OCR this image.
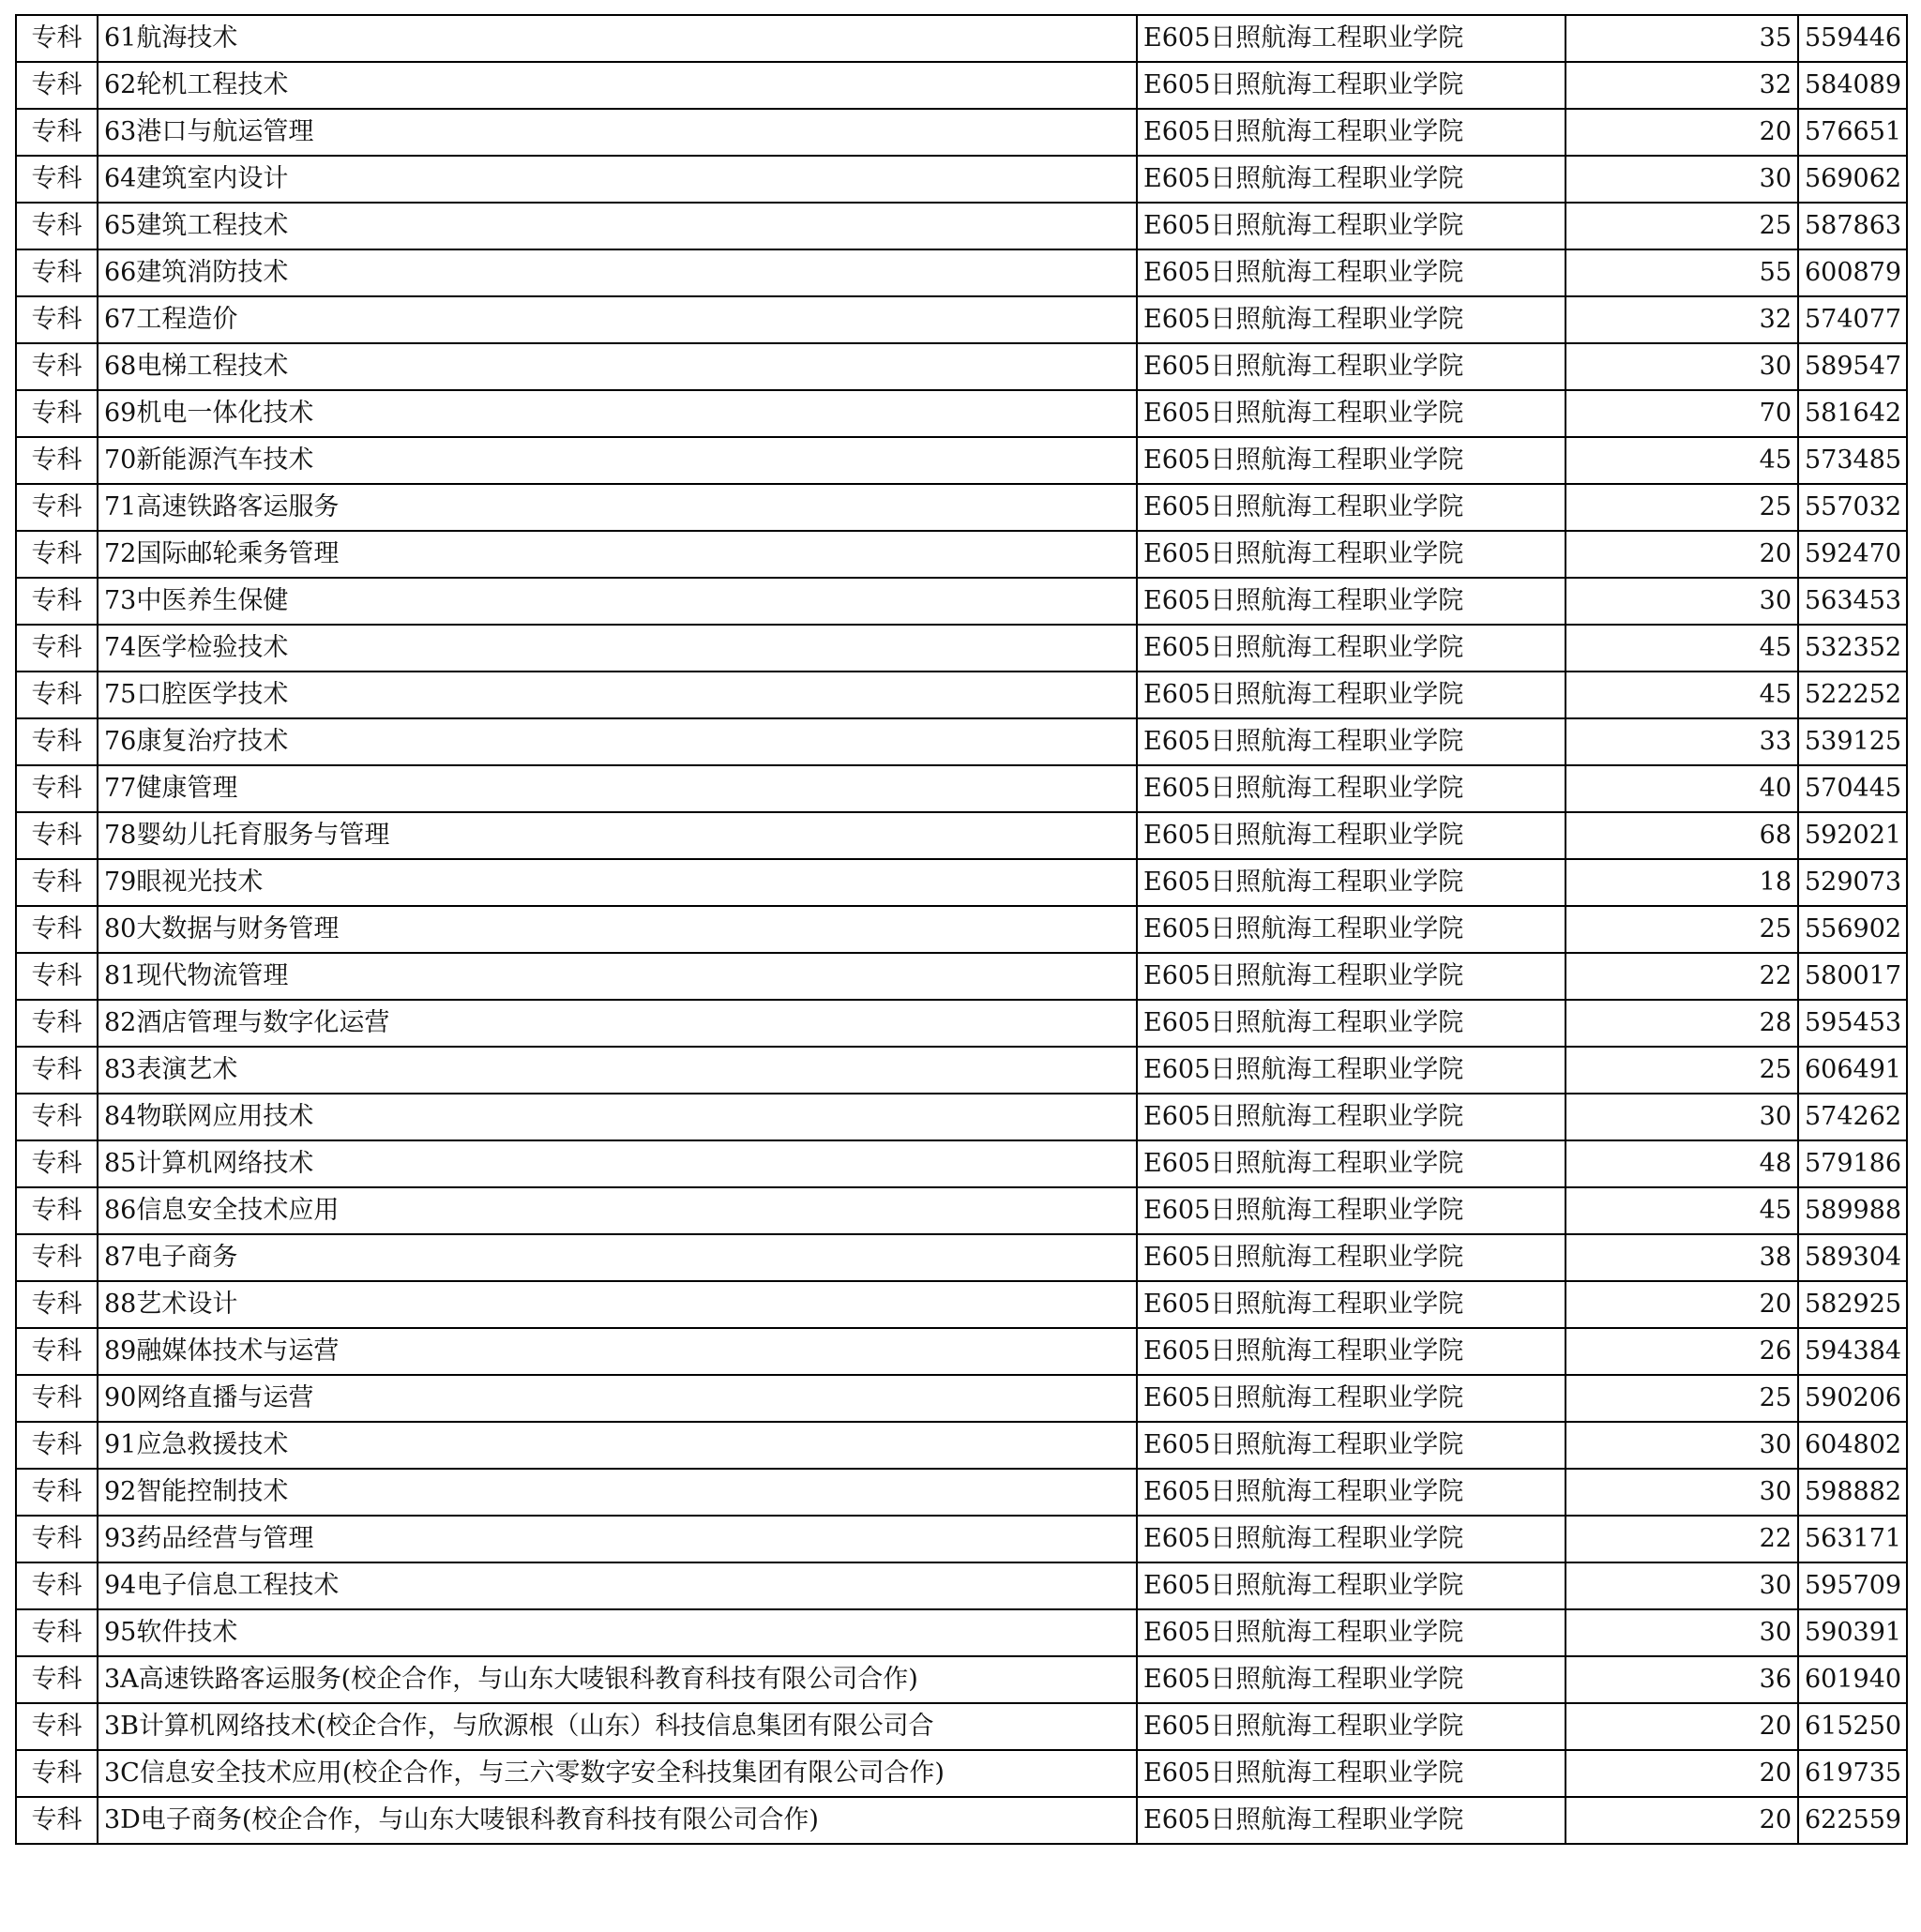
专科	61航海技术	E605日照航海工程职业学院	35	559446
专科	62轮机工程技术	E605日照航海工程职业学院	32	584089
专科	63港口与航运管理	E605日照航海工程职业学院	20	576651
专科	64建筑室内设计	E605日照航海工程职业学院	30	569062
专科	65建筑工程技术	E605日照航海工程职业学院	25	587863
专科	66建筑消防技术	E605日照航海工程职业学院	55	600879
专科	67工程造价	E605日照航海工程职业学院	32	574077
专科	68电梯工程技术	E605日照航海工程职业学院	30	589547
专科	69机电一体化技术	E605日照航海工程职业学院	70	581642
专科	70新能源汽车技术	E605日照航海工程职业学院	45	573485
专科	71高速铁路客运服务	E605日照航海工程职业学院	25	557032
专科	72国际邮轮乘务管理	E605日照航海工程职业学院	20	592470
专科	73中医养生保健	E605日照航海工程职业学院	30	563453
专科	74医学检验技术	E605日照航海工程职业学院	45	532352
专科	75口腔医学技术	E605日照航海工程职业学院	45	522252
专科	76康复治疗技术	E605日照航海工程职业学院	33	539125
专科	77健康管理	E605日照航海工程职业学院	40	570445
专科	78婴幼儿托育服务与管理	E605日照航海工程职业学院	68	592021
专科	79眼视光技术	E605日照航海工程职业学院	18	529073
专科	80大数据与财务管理	E605日照航海工程职业学院	25	556902
专科	81现代物流管理	E605日照航海工程职业学院	22	580017
专科	82酒店管理与数字化运营	E605日照航海工程职业学院	28	595453
专科	83表演艺术	E605日照航海工程职业学院	25	606491
专科	84物联网应用技术	E605日照航海工程职业学院	30	574262
专科	85计算机网络技术	E605日照航海工程职业学院	48	579186
专科	86信息安全技术应用	E605日照航海工程职业学院	45	589988
专科	87电子商务	E605日照航海工程职业学院	38	589304
专科	88艺术设计	E605日照航海工程职业学院	20	582925
专科	89融媒体技术与运营	E605日照航海工程职业学院	26	594384
专科	90网络直播与运营	E605日照航海工程职业学院	25	590206
专科	91应急救援技术	E605日照航海工程职业学院	30	604802
专科	92智能控制技术	E605日照航海工程职业学院	30	598882
专科	93药品经营与管理	E605日照航海工程职业学院	22	563171
专科	94电子信息工程技术	E605日照航海工程职业学院	30	595709
专科	95软件技术	E605日照航海工程职业学院	30	590391
专科	3A高速铁路客运服务(校企合作，与山东大唛银科教育科技有限公司合作)	E605日照航海工程职业学院	36	601940
专科	3B计算机网络技术(校企合作，与欣源根（山东）科技信息集团有限公司合	E605日照航海工程职业学院	20	615250
专科	3C信息安全技术应用(校企合作，与三六零数字安全科技集团有限公司合作)	E605日照航海工程职业学院	20	619735
专科	3D电子商务(校企合作，与山东大唛银科教育科技有限公司合作)	E605日照航海工程职业学院	20	622559
